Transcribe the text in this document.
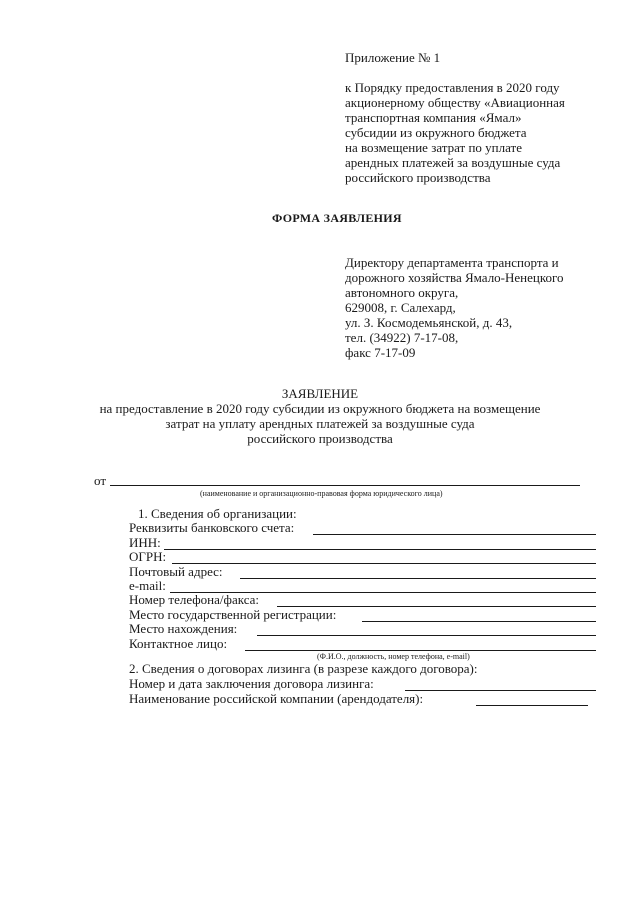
Приложение № 1
к Порядку предоставления в 2020 году
акционерному обществу «Авиационная
транспортная компания «Ямал»
субсидии из окружного бюджета
на возмещение затрат по уплате
арендных платежей за воздушные суда
российского производства
ФОРМА ЗАЯВЛЕНИЯ
Директору департамента транспорта и
дорожного хозяйства Ямало-Ненецкого
автономного округа,
629008, г. Салехард,
ул. З. Космодемьянской, д. 43,
тел. (34922) 7-17-08,
факс 7-17-09
ЗАЯВЛЕНИЕ
на предоставление в 2020 году субсидии из окружного бюджета на возмещение
затрат на уплату арендных платежей за воздушные суда
российского производства
от
(наименование и организационно-правовая форма юридического лица)
1. Сведения об организации:
Реквизиты банковского счета:
ИНН:
ОГРН:
Почтовый адрес:
e-mail:
Номер телефона/факса:
Место государственной регистрации:
Место нахождения:
Контактное лицо:
(Ф.И.О., должность, номер телефона, e-mail)
2. Сведения о договорах лизинга (в разрезе каждого договора):
Номер и дата заключения договора лизинга:
Наименование российской компании (арендодателя):
